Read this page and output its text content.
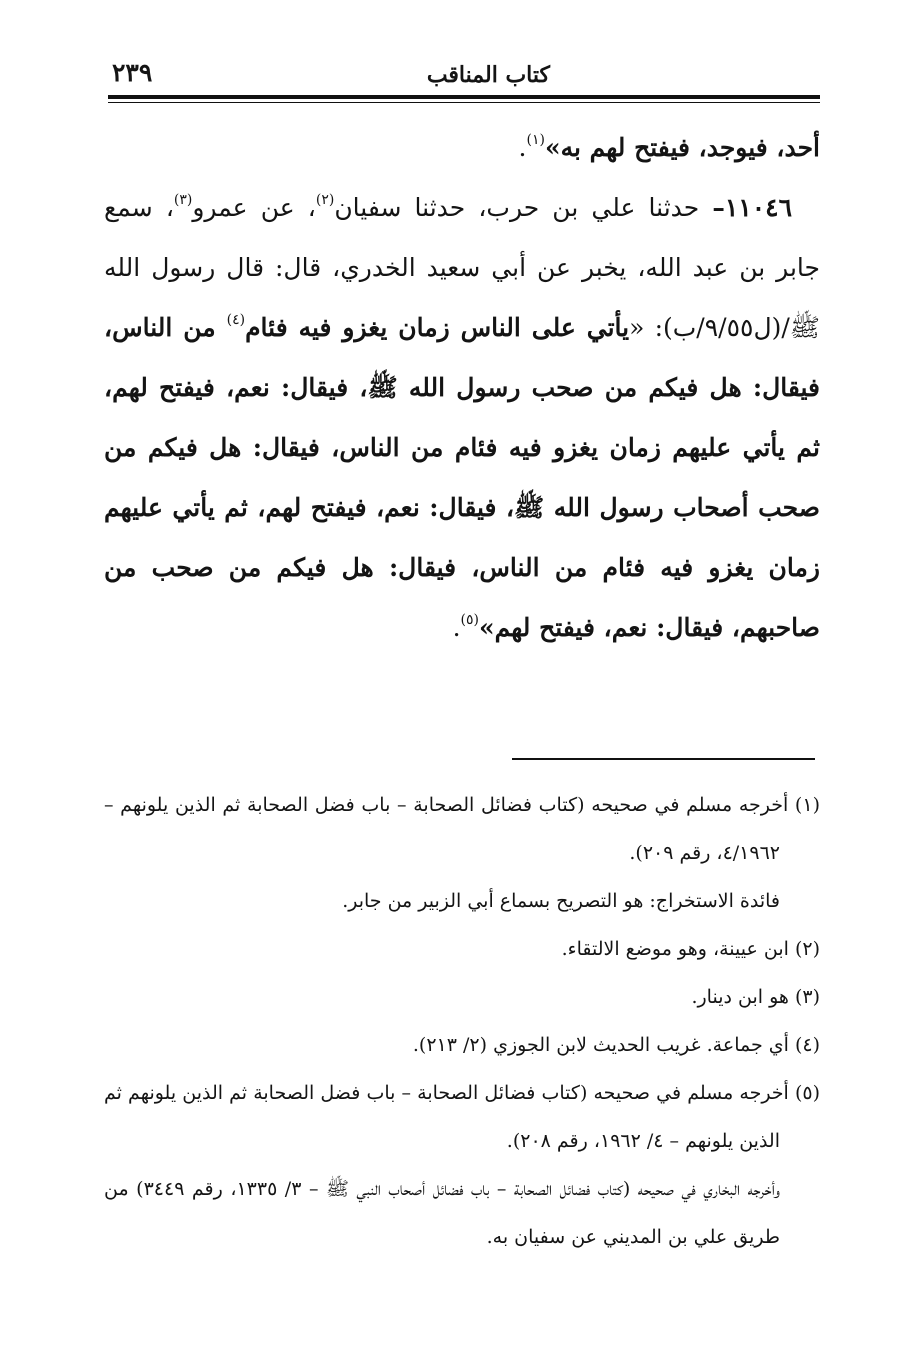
كتاب المناقب
٢٣٩

أحد، فيوجد، فيفتح لهم به»$^{(١)}$.

١١٠٤٦– حدثنا علي بن حرب، حدثنا سفيان$^{(٢)}$، عن عمرو$^{(٣)}$، سمع جابر بن عبد الله، يخبر عن أبي سعيد الخدري، قال: قال رسول الله ﷺ/(ل٩/٥٥/ب): «يأتي على الناس زمان يغزو فيه فئام$^{(٤)}$ من الناس، فيقال: هل فيكم من صحب رسول الله ﷺ، فيقال: نعم، فيفتح لهم، ثم يأتي عليهم زمان يغزو فيه فئام من الناس، فيقال: هل فيكم من صحب أصحاب رسول الله ﷺ، فيقال: نعم، فيفتح لهم، ثم يأتي عليهم زمان يغزو فيه فئام من الناس، فيقال: هل فيكم من صحب من صاحبهم، فيقال: نعم، فيفتح لهم»$^{(٥)}$.

(١) أخرجه مسلم في صحيحه (كتاب فضائل الصحابة – باب فضل الصحابة ثم الذين يلونهم – ٤/١٩٦٢، رقم ٢٠٩).

فائدة الاستخراج: هو التصريح بسماع أبي الزبير من جابر.

(٢) ابن عيينة، وهو موضع الالتقاء.

(٣) هو ابن دينار.

(٤) أي جماعة. غريب الحديث لابن الجوزي (٢/ ٢١٣).

(٥) أخرجه مسلم في صحيحه (كتاب فضائل الصحابة – باب فضل الصحابة ثم الذين يلونهم ثم الذين يلونهم – ٤/ ١٩٦٢، رقم ٢٠٨).

وأخرجه البخاري في صحيحه (كتاب فضائل الصحابة – باب فضائل أصحاب النبي ﷺ – ٣/ ١٣٣٥، رقم ٣٤٤٩) من طريق علي بن المديني عن سفيان به.
